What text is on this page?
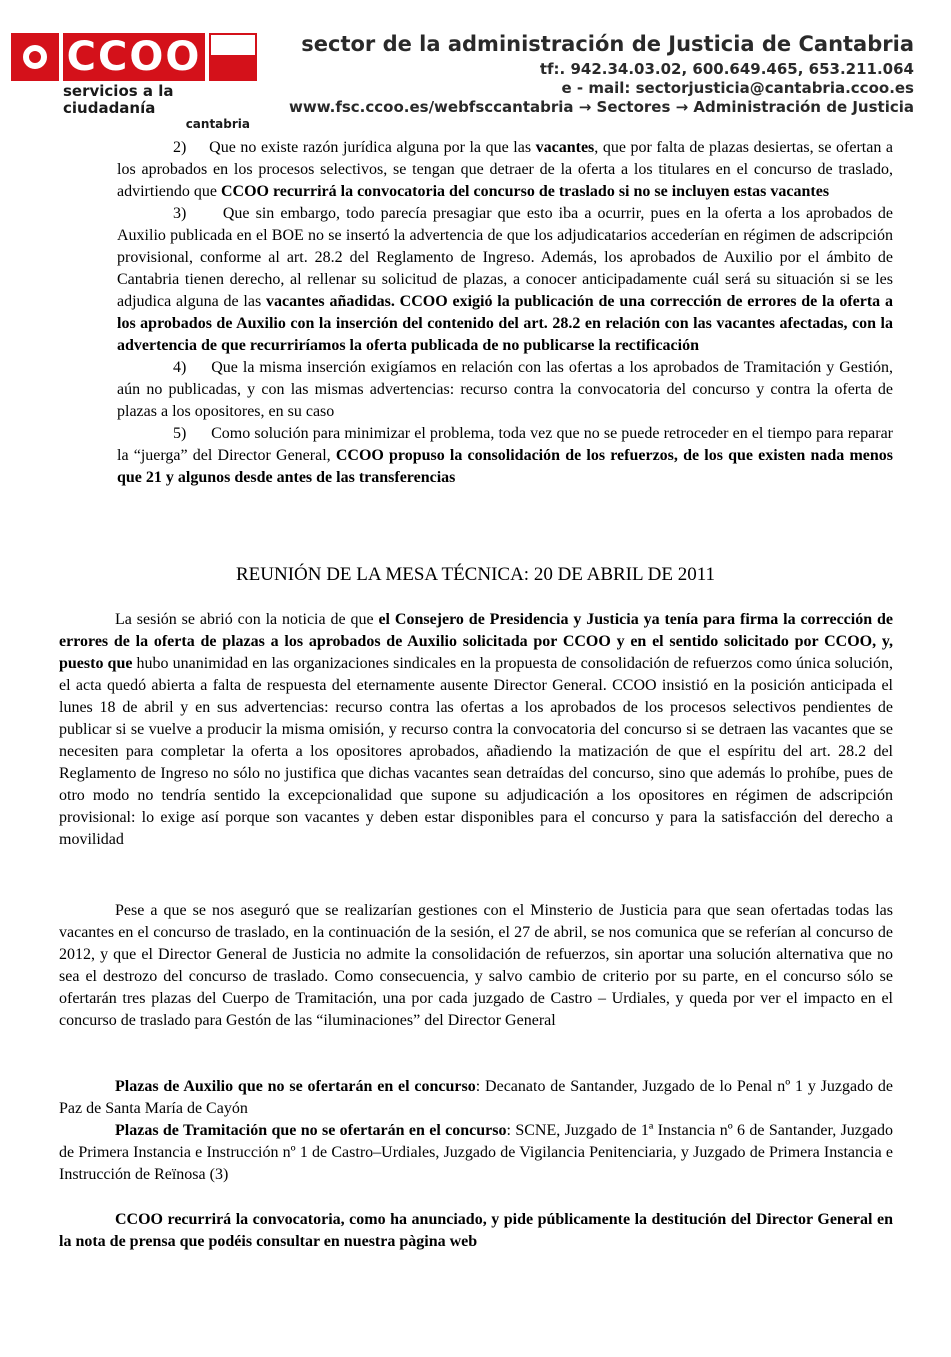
CCOO
servicios a la ciudadanía
cantabria
sector de la administración de Justicia de Cantabria
tf:. 942.34.03.02, 600.649.465, 653.211.064
e - mail: sectorjusticia@cantabria.ccoo.es
www.fsc.ccoo.es/webfsccantabria → Sectores → Administración de Justicia

2) Que no existe razón jurídica alguna por la que las vacantes, que por falta de plazas desiertas, se ofertan a los aprobados en los procesos selectivos, se tengan que detraer de la oferta a los titulares en el concurso de traslado, advirtiendo que CCOO recurrirá la convocatoria del concurso de traslado si no se incluyen estas vacantes

3) Que sin embargo, todo parecía presagiar que esto iba a ocurrir, pues en la oferta a los aprobados de Auxilio publicada en el BOE no se insertó la advertencia de que los adjudicatarios accederían en régimen de adscripción provisional, conforme al art. 28.2 del Reglamento de Ingreso. Además, los aprobados de Auxilio por el ámbito de Cantabria tienen derecho, al rellenar su solicitud de plazas, a conocer anticipadamente cuál será su situación si se les adjudica alguna de las vacantes añadidas. CCOO exigió la publicación de una corrección de errores de la oferta a los aprobados de Auxilio con la inserción del contenido del art. 28.2 en relación con las vacantes afectadas, con la advertencia de que recurriríamos la oferta publicada de no publicarse la rectificación

4) Que la misma inserción exigíamos en relación con las ofertas a los aprobados de Tramitación y Gestión, aún no publicadas, y con las mismas advertencias: recurso contra la convocatoria del concurso y contra la oferta de plazas a los opositores, en su caso

5) Como solución para minimizar el problema, toda vez que no se puede retroceder en el tiempo para reparar la “juerga” del Director General, CCOO propuso la consolidación de los refuerzos, de los que existen nada menos que 21 y algunos desde antes de las transferencias

REUNIÓN DE LA MESA TÉCNICA: 20 DE ABRIL DE 2011

La sesión se abrió con la noticia de que el Consejero de Presidencia y Justicia ya tenía para firma la corrección de errores de la oferta de plazas a los aprobados de Auxilio solicitada por CCOO y en el sentido solicitado por CCOO, y, puesto que hubo unanimidad en las organizaciones sindicales en la propuesta de consolidación de refuerzos como única solución, el acta quedó abierta a falta de respuesta del eternamente ausente Director General. CCOO insistió en la posición anticipada el lunes 18 de abril y en sus advertencias: recurso contra las ofertas a los aprobados de los procesos selectivos pendientes de publicar si se vuelve a producir la misma omisión, y recurso contra la convocatoria del concurso si se detraen las vacantes que se necesiten para completar la oferta a los opositores aprobados, añadiendo la matización de que el espíritu del art. 28.2 del Reglamento de Ingreso no sólo no justifica que dichas vacantes sean detraídas del concurso, sino que además lo prohíbe, pues de otro modo no tendría sentido la excepcionalidad que supone su adjudicación a los opositores en régimen de adscripción provisional: lo exige así porque son vacantes y deben estar disponibles para el concurso y para la satisfacción del derecho a movilidad

Pese a que se nos aseguró que se realizarían gestiones con el Minsterio de Justicia para que sean ofertadas todas las vacantes en el concurso de traslado, en la continuación de la sesión, el 27 de abril, se nos comunica que se referían al concurso de 2012, y que el Director General de Justicia no admite la consolidación de refuerzos, sin aportar una solución alternativa que no sea el destrozo del concurso de traslado. Como consecuencia, y salvo cambio de criterio por su parte, en el concurso sólo se ofertarán tres plazas del Cuerpo de Tramitación, una por cada juzgado de Castro – Urdiales, y queda por ver el impacto en el concurso de traslado para Gestón de las “iluminaciones” del Director General

Plazas de Auxilio que no se ofertarán en el concurso: Decanato de Santander, Juzgado de lo Penal nº 1 y Juzgado de Paz de Santa María de Cayón

Plazas de Tramitación que no se ofertarán en el concurso: SCNE, Juzgado de 1ª Instancia nº 6 de Santander, Juzgado de Primera Instancia e Instrucción nº 1 de Castro–Urdiales, Juzgado de Vigilancia Penitenciaria, y Juzgado de Primera Instancia e Instrucción de Reïnosa (3)

CCOO recurrirá la convocatoria, como ha anunciado, y pide públicamente la destitución del Director General en la nota de prensa que podéis consultar en nuestra pàgina web
